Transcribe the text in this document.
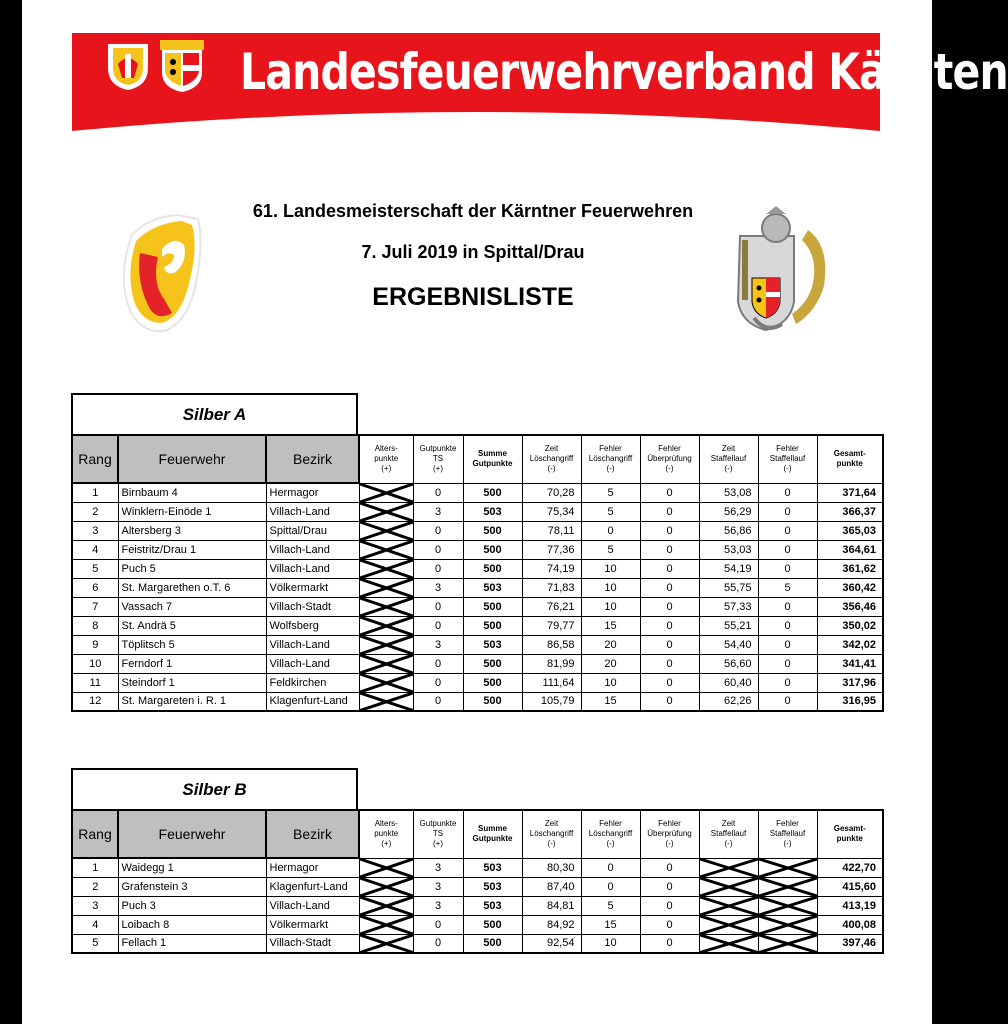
Landesfeuerwehrverband Kärnten
61. Landesmeisterschaft der Kärntner Feuerwehren
7. Juli 2019 in Spittal/Drau
ERGEBNISLISTE
Silber A
Rang	Feuerwehr	Bezirk	Alters-
punkte
(+)	Gutpunkte
TS
(+)	Summe
Gutpunkte	Zeit
Löschangriff
(-)	Fehler
Löschangriff
(-)	Fehler
Überprüfung
(-)	Zeit
Staffellauf
(-)	Fehler
Staffellauf
(-)	Gesamt-
punkte
1	Birnbaum 4	Hermagor		0	500	70,28	5	0	53,08	0	371,64
2	Winklern-Einöde 1	Villach-Land		3	503	75,34	5	0	56,29	0	366,37
3	Altersberg 3	Spittal/Drau		0	500	78,11	0	0	56,86	0	365,03
4	Feistritz/Drau 1	Villach-Land		0	500	77,36	5	0	53,03	0	364,61
5	Puch 5	Villach-Land		0	500	74,19	10	0	54,19	0	361,62
6	St. Margarethen o.T. 6	Völkermarkt		3	503	71,83	10	0	55,75	5	360,42
7	Vassach 7	Villach-Stadt		0	500	76,21	10	0	57,33	0	356,46
8	St. Andrä 5	Wolfsberg		0	500	79,77	15	0	55,21	0	350,02
9	Töplitsch 5	Villach-Land		3	503	86,58	20	0	54,40	0	342,02
10	Ferndorf 1	Villach-Land		0	500	81,99	20	0	56,60	0	341,41
11	Steindorf 1	Feldkirchen		0	500	111,64	10	0	60,40	0	317,96
12	St. Margareten i. R. 1	Klagenfurt-Land		0	500	105,79	15	0	62,26	0	316,95
Silber B
Rang	Feuerwehr	Bezirk	Alters-
punkte
(+)	Gutpunkte
TS
(+)	Summe
Gutpunkte	Zeit
Löschangriff
(-)	Fehler
Löschangriff
(-)	Fehler
Überprüfung
(-)	Zeit
Staffellauf
(-)	Fehler
Staffellauf
(-)	Gesamt-
punkte
1	Waidegg 1	Hermagor		3	503	80,30	0	0			422,70
2	Grafenstein 3	Klagenfurt-Land		3	503	87,40	0	0			415,60
3	Puch 3	Villach-Land		3	503	84,81	5	0			413,19
4	Loibach 8	Völkermarkt		0	500	84,92	15	0			400,08
5	Fellach 1	Villach-Stadt		0	500	92,54	10	0			397,46
